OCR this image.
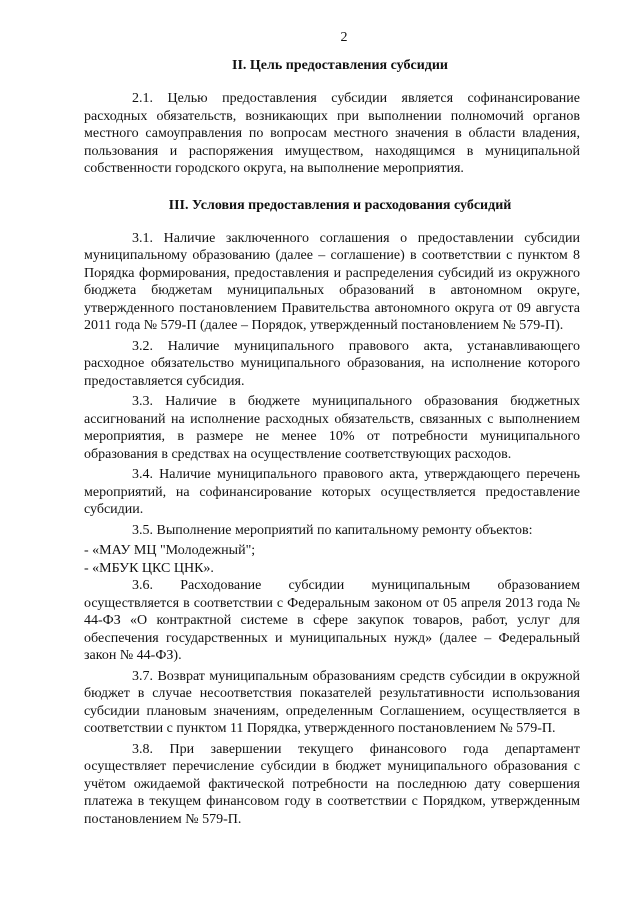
2
II. Цель предоставления субсидии

2.1. Целью предоставления субсидии является софинансирование расходных обязательств, возникающих при выполнении полномочий органов местного самоуправления по вопросам местного значения в области владения, пользования и распоряжения имуществом, находящимся в муниципальной собственности городского округа, на выполнение мероприятия.

III. Условия предоставления и расходования субсидий

3.1. Наличие заключенного соглашения о предоставлении субсидии муниципальному образованию (далее – соглашение) в соответствии с пунктом 8 Порядка формирования, предоставления и распределения субсидий из окружного бюджета бюджетам муниципальных образований в автономном округе, утвержденного постановлением Правительства автономного округа от 09 августа 2011 года № 579-П (далее – Порядок, утвержденный постановлением № 579-П).

3.2. Наличие муниципального правового акта, устанавливающего расходное обязательство муниципального образования, на исполнение которого предоставляется субсидия.

3.3. Наличие в бюджете муниципального образования бюджетных ассигнований на исполнение расходных обязательств, связанных с выполнением мероприятия, в размере не менее 10% от потребности муниципального образования в средствах на осуществление соответствующих расходов.

3.4. Наличие муниципального правового акта, утверждающего перечень мероприятий, на софинансирование которых осуществляется предоставление субсидии.

3.5. Выполнение мероприятий по капитальному ремонту объектов:

- «МАУ МЦ "Молодежный";

- «МБУК ЦКС ЦНК».

3.6. Расходование субсидии муниципальным образованием осуществляется в соответствии с Федеральным законом от 05 апреля 2013 года № 44-ФЗ «О контрактной системе в сфере закупок товаров, работ, услуг для обеспечения государственных и муниципальных нужд» (далее – Федеральный закон № 44-ФЗ).

3.7. Возврат муниципальным образованиям средств субсидии в окружной бюджет в случае несоответствия показателей результативности использования субсидии плановым значениям, определенным Соглашением, осуществляется в соответствии с пунктом 11 Порядка, утвержденного постановлением № 579-П.

3.8. При завершении текущего финансового года департамент осуществляет перечисление субсидии в бюджет муниципального образования с учётом ожидаемой фактической потребности на последнюю дату совершения платежа в текущем финансовом году в соответствии с Порядком, утвержденным постановлением № 579-П.
